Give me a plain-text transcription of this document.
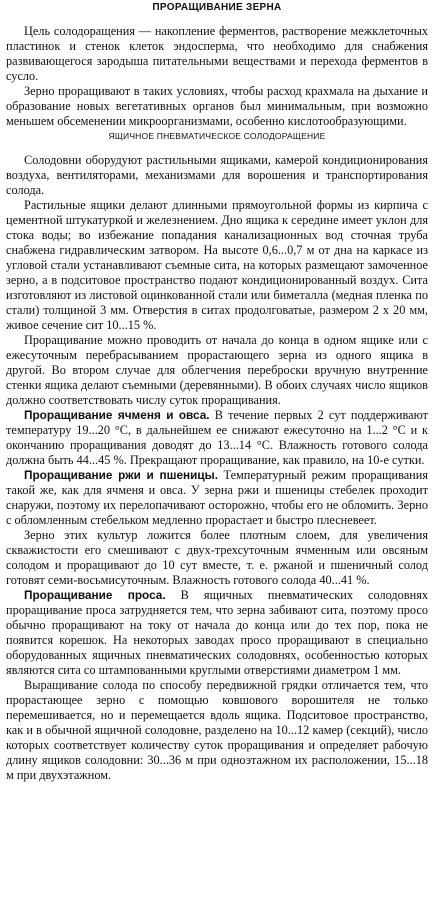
ПРОРАЩИВАНИЕ ЗЕРНА

Цель солодоращения — накопление ферментов, растворение межклеточных пластинок и стенок клеток эндосперма, что необходимо для снабжения развивающегося зародыша питательными веществами и перехода ферментов в сусло.

Зерно проращивают в таких условиях, чтобы расход крахмала на дыхание и образование новых вегетативных органов был минимальным, при возможно меньшем обсеменении микроорганизмами, особенно кислотообразующими.

ЯЩИЧНОЕ ПНЕВМАТИЧЕСКОЕ СОЛОДОРАЩЕНИЕ

Солодовни оборудуют растильными ящиками, камерой кондиционирования воздуха, вентиляторами, механизмами для ворошения и транспортирования солода.

Растильные ящики делают длинными прямоугольной формы из кирпича с цементной штукатуркой и железнением. Дно ящика к середине имеет уклон для стока воды; во избежание попадания канализационных вод сточная труба снабжена гидравлическим затвором. На высоте 0,6...0,7 м от дна на каркасе из угловой стали устанавливают съемные сита, на которых размещают замоченное зерно, а в подситовое пространство подают кондиционированный воздух. Сита изготовляют из листовой оцинкованной стали или биметалла (медная пленка по стали) толщиной 3 мм. Отверстия в ситах продолговатые, размером 2 х 20 мм, живое сечение сит 10...15 %.

Проращивание можно проводить от начала до конца в одном ящике или с ежесуточным перебрасыванием прорастающего зерна из одного ящика в другой. Во втором случае для облегчения переброски вручную внутренние стенки ящика делают съемными (деревянными). В обоих случаях число ящиков должно соответствовать числу суток проращивания.

Проращивание ячменя и овса. В течение первых 2 сут поддерживают температуру 19...20 °С, в дальнейшем ее снижают ежесуточно на 1...2 °С и к окончанию проращивания доводят до 13...14 °С. Влажность готового солода должна быть 44...45 %. Прекращают проращивание, как правило, на 10-е сутки.

Проращивание ржи и пшеницы. Температурный режим проращивания такой же, как для ячменя и овса. У зерна ржи и пшеницы стебелек проходит снаружи, поэтому их перелопачивают осторожно, чтобы его не обломить. Зерно с обломленным стебельком медленно прорастает и быстро плесневеет.

Зерно этих культур ложится более плотным слоем, для увеличения скважистости его смешивают с двух-трехсуточным ячменным или овсяным солодом и проращивают до 10 сут вместе, т. е. ржаной и пшеничный солод готовят семи-восьмисуточным. Влажность готового солода 40...41 %.

Проращивание проса. В ящичных пневматических солодовнях проращивание проса затрудняется тем, что зерна забивают сита, поэтому просо обычно проращивают на току от начала до конца или до тех пор, пока не появится корешок. На некоторых заводах просо проращивают в специально оборудованных ящичных пневматических солодовнях, особенностью которых являются сита со штампованными круглыми отверстиями диаметром 1 мм.

Выращивание солода по способу передвижной грядки отличается тем, что прорастающее зерно с помощью ковшового ворошителя не только перемешивается, но и перемещается вдоль ящика. Подситовое пространство, как и в обычной ящичной солодовне, разделено на 10...12 камер (секций), число которых соответствует количеству суток проращивания и определяет рабочую длину ящиков солодовни: 30...36 м при одноэтажном их расположении, 15...18 м при двухэтажном.
